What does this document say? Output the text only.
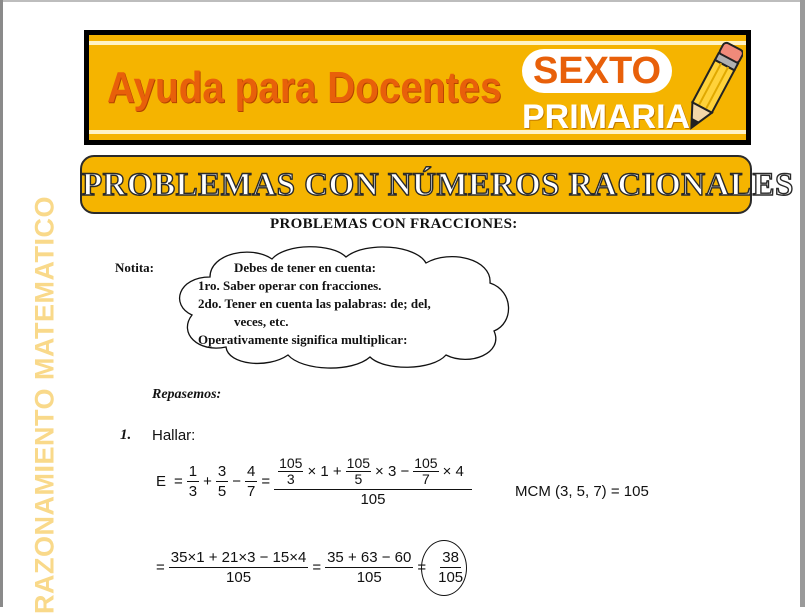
Ayuda para Docentes SEXTO
PRIMARIA
PROBLEMAS CON NÚMEROS RACIONALES
RAZONAMIENTO MATEMATICO	PROBLEMAS CON FRACCIONES:
Notita:	Debes de tener en cuenta:
1ro. Saber operar con fracciones.
2do. Tener en cuenta las palabras: de; del,
veces, etc.
Operativamente significa multiplicar:
Repasemos:
1. Hallar:
$E = \frac{1}{3} + \frac{3}{5} - \frac{4}{7} = \frac{105}{3} \times 1 + \frac{105}{5} \times 3 - \frac{105}{7} \times 4$
105	MCM (3, 5, 7) = 105
= $\frac{35\times 1 + 21\times 3 - 15\times 4}{105} = \frac{35 + 63 - 60}{105} = \frac{38}{105}$
